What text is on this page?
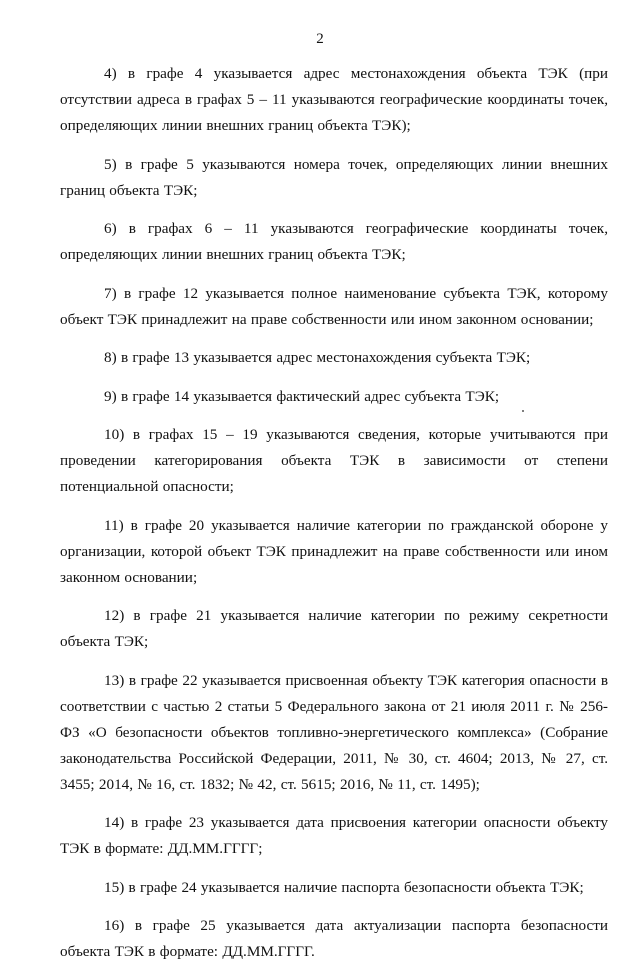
2

4) в графе 4 указывается адрес местонахождения объекта ТЭК (при отсутствии адреса в графах 5 – 11 указываются географические координаты точек, определяющих линии внешних границ объекта ТЭК);

5) в графе 5 указываются номера точек, определяющих линии внешних границ объекта ТЭК;

6) в графах 6 – 11 указываются географические координаты точек, определяющих линии внешних границ объекта ТЭК;

7) в графе 12 указывается полное наименование субъекта ТЭК, которому объект ТЭК принадлежит на праве собственности или ином законном основании;

8) в графе 13 указывается адрес местонахождения субъекта ТЭК;

9) в графе 14 указывается фактический адрес субъекта ТЭК;

10) в графах 15 – 19 указываются сведения, которые учитываются при проведении категорирования объекта ТЭК в зависимости от степени потенциальной опасности;

11) в графе 20 указывается наличие категории по гражданской обороне у организации, которой объект ТЭК принадлежит на праве собственности или ином законном основании;

12) в графе 21 указывается наличие категории по режиму секретности объекта ТЭК;

13) в графе 22 указывается присвоенная объекту ТЭК категория опасности в соответствии с частью 2 статьи 5 Федерального закона от 21 июля 2011 г. № 256-ФЗ «О безопасности объектов топливно-энергетического комплекса» (Собрание законодательства Российской Федерации, 2011, № 30, ст. 4604; 2013, № 27, ст. 3455; 2014, № 16, ст. 1832; № 42, ст. 5615; 2016, № 11, ст. 1495);

14) в графе 23 указывается дата присвоения категории опасности объекту ТЭК в формате: ДД.ММ.ГГГГ;

15) в графе 24 указывается наличие паспорта безопасности объекта ТЭК;

16) в графе 25 указывается дата актуализации паспорта безопасности объекта ТЭК в формате: ДД.ММ.ГГГГ.
